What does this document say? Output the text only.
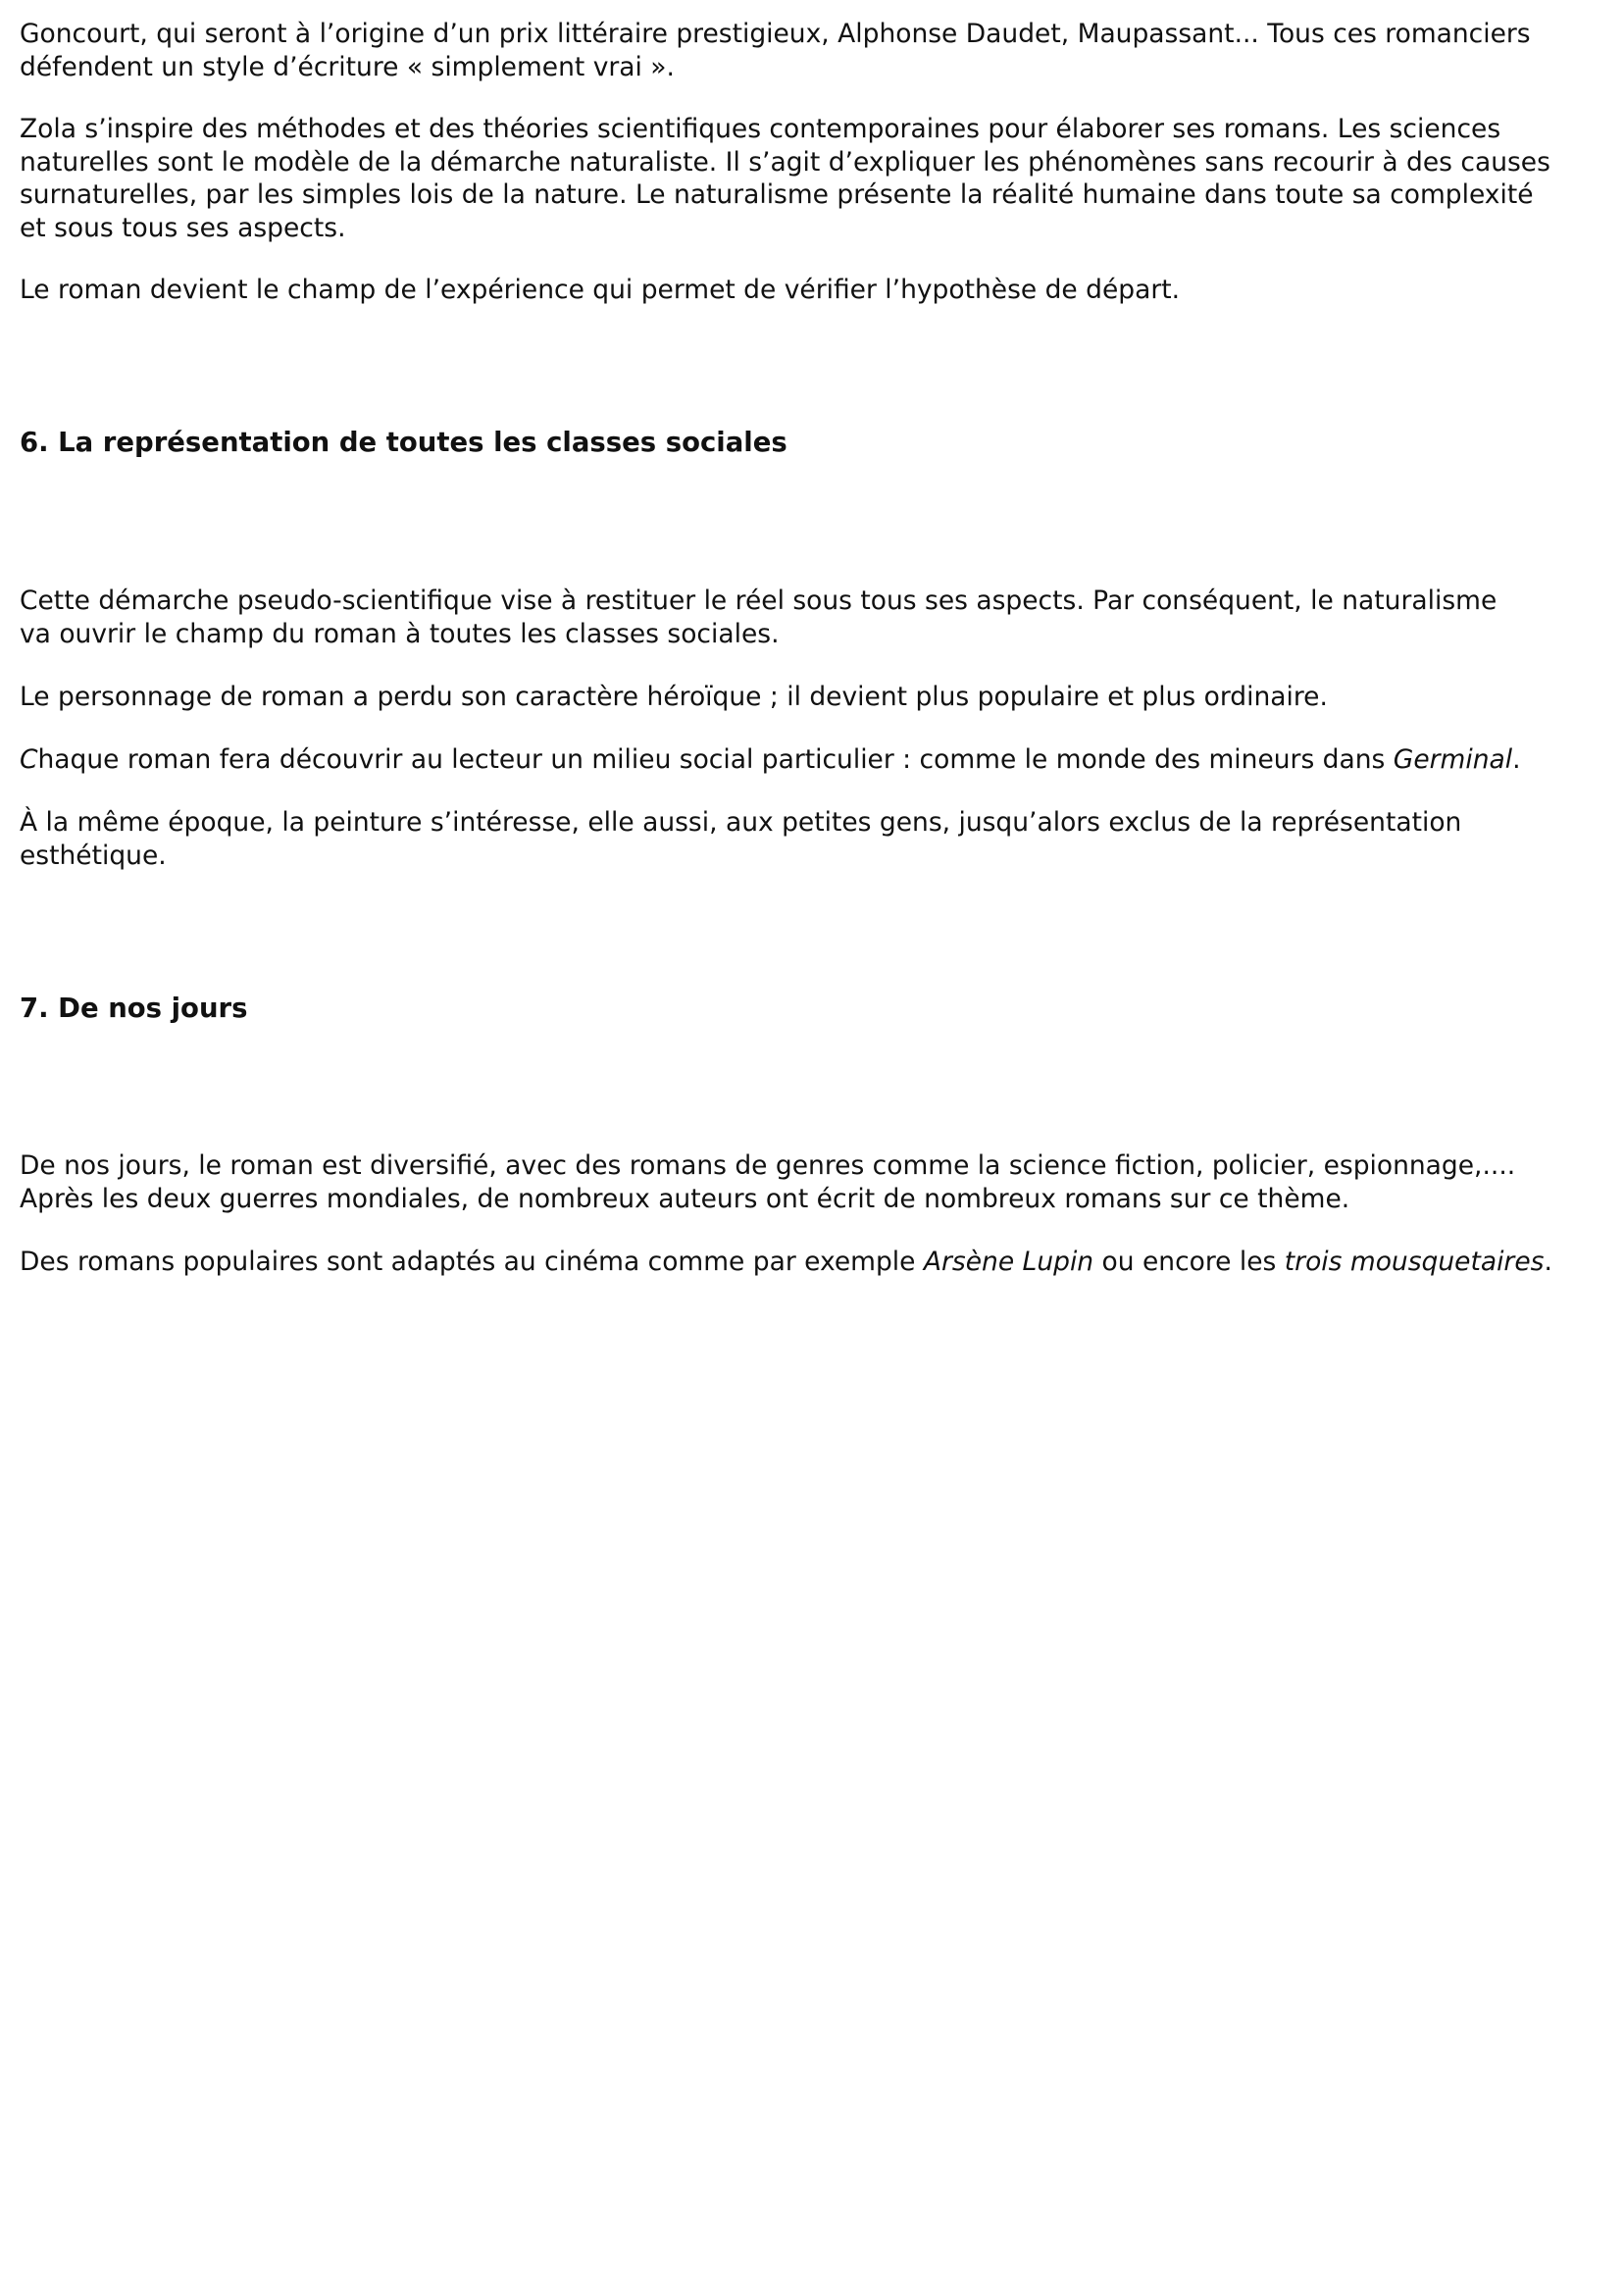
Goncourt, qui seront à l’origine d’un prix littéraire prestigieux, Alphonse Daudet, Maupassant... Tous ces romanciers

défendent un style d’écriture « simplement vrai ».

Zola s’inspire des méthodes et des théories scientifiques contemporaines pour élaborer ses romans. Les sciences

naturelles sont le modèle de la démarche naturaliste. Il s’agit d’expliquer les phénomènes sans recourir à des causes

surnaturelles, par les simples lois de la nature. Le naturalisme présente la réalité humaine dans toute sa complexité

et sous tous ses aspects.

Le roman devient le champ de l’expérience qui permet de vérifier l’hypothèse de départ.

6. La représentation de toutes les classes sociales

Cette démarche pseudo-scientifique vise à restituer le réel sous tous ses aspects. Par conséquent, le naturalisme

va ouvrir le champ du roman à toutes les classes sociales.

Le personnage de roman a perdu son caractère héroïque ; il devient plus populaire et plus ordinaire.

Chaque roman fera découvrir au lecteur un milieu social particulier : comme le monde des mineurs dans Germinal.

À la même époque, la peinture s’intéresse, elle aussi, aux petites gens, jusqu’alors exclus de la représentation

esthétique.

7. De nos jours

De nos jours, le roman est diversifié, avec des romans de genres comme la science fiction, policier, espionnage,....

Après les deux guerres mondiales, de nombreux auteurs ont écrit de nombreux romans sur ce thème.

Des romans populaires sont adaptés au cinéma comme par exemple Arsène Lupin ou encore les trois mousquetaires.
